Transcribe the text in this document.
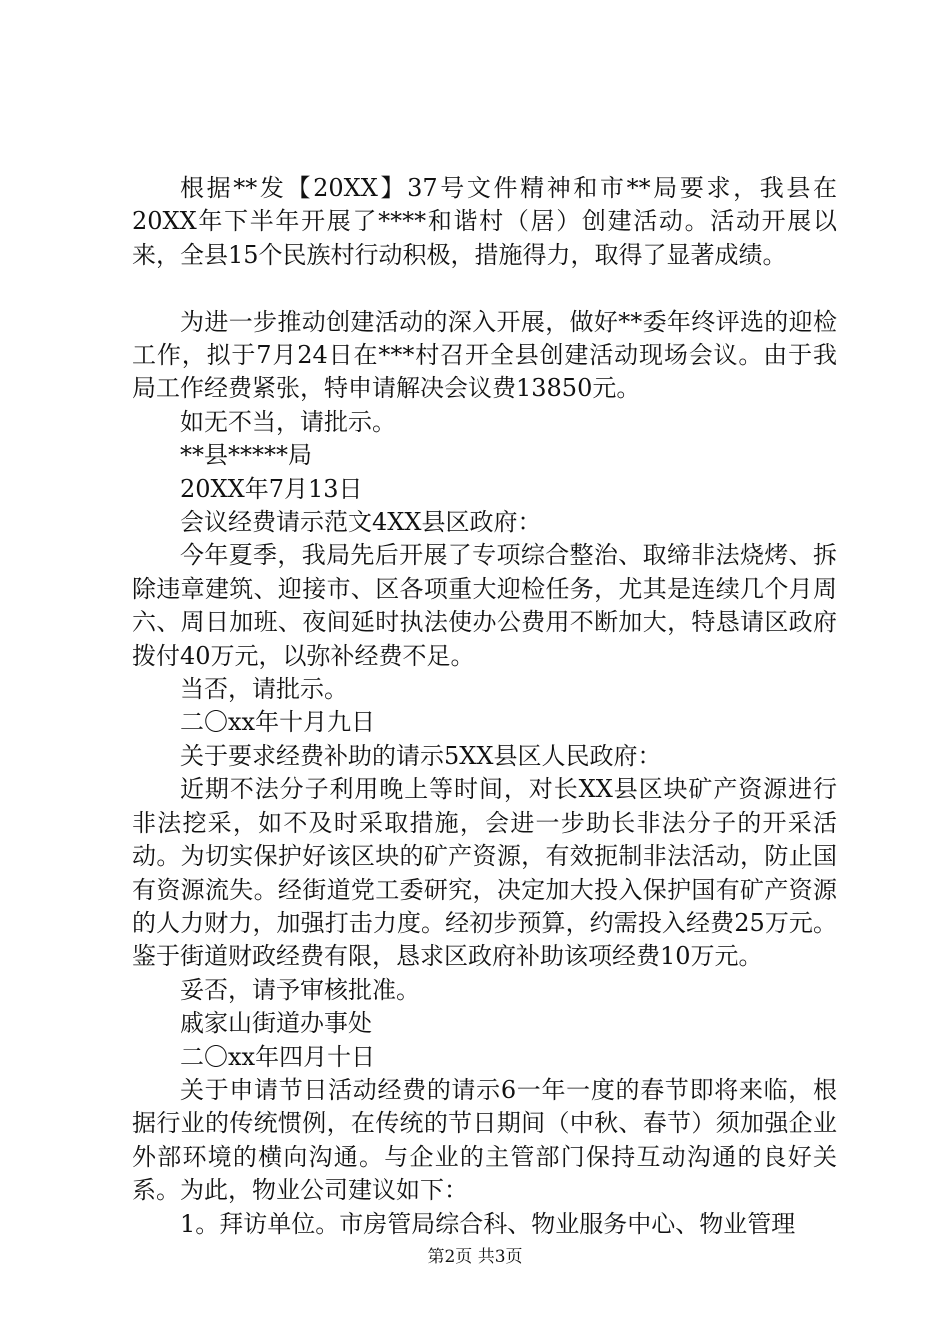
根据**发【20XX】37号文件精神和市**局要求，我县在20XX年下半年开展了****和谐村（居）创建活动。活动开展以来，全县15个民族村行动积极，措施得力，取得了显著成绩。

为进一步推动创建活动的深入开展，做好**委年终评选的迎检工作，拟于7月24日在***村召开全县创建活动现场会议。由于我局工作经费紧张，特申请解决会议费13850元。

如无不当，请批示。

**县*****局

20XX年7月13日

会议经费请示范文4XX县区政府：

今年夏季，我局先后开展了专项综合整治、取缔非法烧烤、拆除违章建筑、迎接市、区各项重大迎检任务，尤其是连续几个月周六、周日加班、夜间延时执法使办公费用不断加大，特恳请区政府拨付40万元，以弥补经费不足。

当否，请批示。

二〇xx年十月九日

关于要求经费补助的请示5XX县区人民政府：

近期不法分子利用晚上等时间，对长XX县区块矿产资源进行非法挖采，如不及时采取措施，会进一步助长非法分子的开采活动。为切实保护好该区块的矿产资源，有效扼制非法活动，防止国有资源流失。经街道党工委研究，决定加大投入保护国有矿产资源的人力财力，加强打击力度。经初步预算，约需投入经费25万元。鉴于街道财政经费有限，恳求区政府补助该项经费10万元。

妥否，请予审核批准。

戚家山街道办事处

二〇xx年四月十日

关于申请节日活动经费的请示6一年一度的春节即将来临，根据行业的传统惯例，在传统的节日期间（中秋、春节）须加强企业外部环境的横向沟通。与企业的主管部门保持互动沟通的良好关系。为此，物业公司建议如下：

1。拜访单位。市房管局综合科、物业服务中心、物业管理

第2页 共3页
